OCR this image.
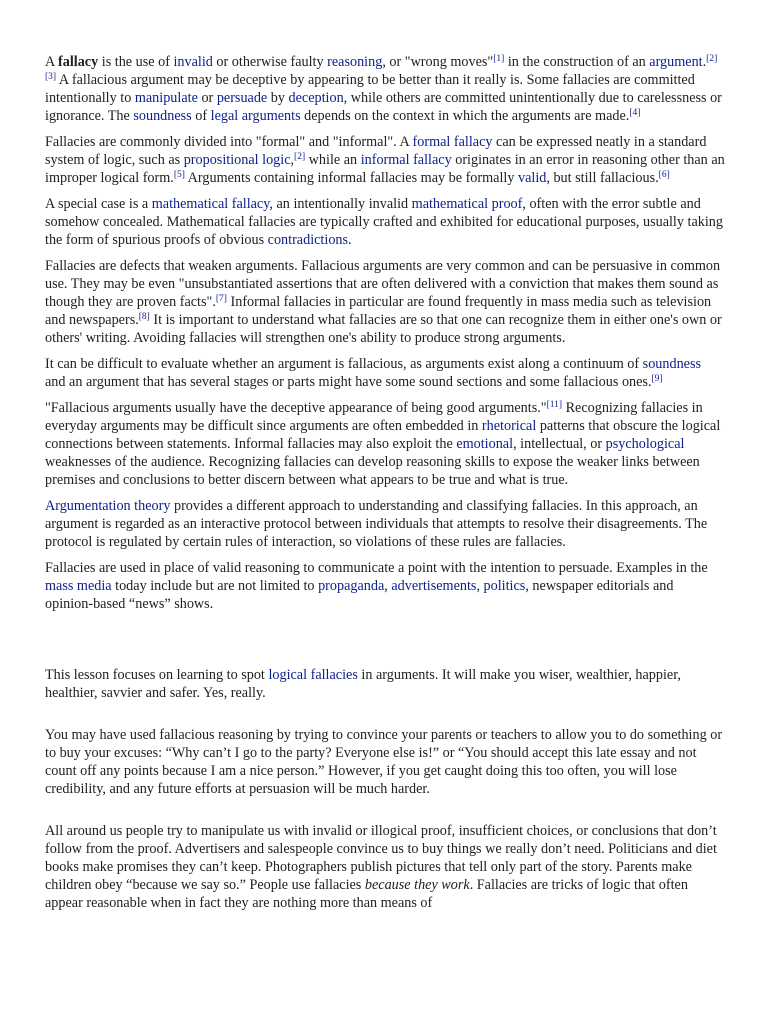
A fallacy is the use of invalid or otherwise faulty reasoning, or "wrong moves"[1] in the construction of an argument.[2][3] A fallacious argument may be deceptive by appearing to be better than it really is. Some fallacies are committed intentionally to manipulate or persuade by deception, while others are committed unintentionally due to carelessness or ignorance. The soundness of legal arguments depends on the context in which the arguments are made.[4]

Fallacies are commonly divided into "formal" and "informal". A formal fallacy can be expressed neatly in a standard system of logic, such as propositional logic,[2] while an informal fallacy originates in an error in reasoning other than an improper logical form.[5] Arguments containing informal fallacies may be formally valid, but still fallacious.[6]

A special case is a mathematical fallacy, an intentionally invalid mathematical proof, often with the error subtle and somehow concealed. Mathematical fallacies are typically crafted and exhibited for educational purposes, usually taking the form of spurious proofs of obvious contradictions.

Fallacies are defects that weaken arguments. Fallacious arguments are very common and can be persuasive in common use. They may be even "unsubstantiated assertions that are often delivered with a conviction that makes them sound as though they are proven facts".[7] Informal fallacies in particular are found frequently in mass media such as television and newspapers.[8] It is important to understand what fallacies are so that one can recognize them in either one's own or others' writing. Avoiding fallacies will strengthen one's ability to produce strong arguments.

It can be difficult to evaluate whether an argument is fallacious, as arguments exist along a continuum of soundness and an argument that has several stages or parts might have some sound sections and some fallacious ones.[9]

"Fallacious arguments usually have the deceptive appearance of being good arguments."[11] Recognizing fallacies in everyday arguments may be difficult since arguments are often embedded in rhetorical patterns that obscure the logical connections between statements. Informal fallacies may also exploit the emotional, intellectual, or psychological weaknesses of the audience. Recognizing fallacies can develop reasoning skills to expose the weaker links between premises and conclusions to better discern between what appears to be true and what is true.

Argumentation theory provides a different approach to understanding and classifying fallacies. In this approach, an argument is regarded as an interactive protocol between individuals that attempts to resolve their disagreements. The protocol is regulated by certain rules of interaction, so violations of these rules are fallacies.

Fallacies are used in place of valid reasoning to communicate a point with the intention to persuade. Examples in the mass media today include but are not limited to propaganda, advertisements, politics, newspaper editorials and opinion-based “news” shows.

This lesson focuses on learning to spot logical fallacies in arguments. It will make you wiser, wealthier, happier, healthier, savvier and safer. Yes, really.

You may have used fallacious reasoning by trying to convince your parents or teachers to allow you to do something or to buy your excuses: “Why can’t I go to the party? Everyone else is!” or “You should accept this late essay and not count off any points because I am a nice person.” However, if you get caught doing this too often, you will lose credibility, and any future efforts at persuasion will be much harder.

All around us people try to manipulate us with invalid or illogical proof, insufficient choices, or conclusions that don’t follow from the proof. Advertisers and salespeople convince us to buy things we really don’t need. Politicians and diet books make promises they can’t keep. Photographers publish pictures that tell only part of the story. Parents make children obey “because we say so.” People use fallacies because they work. Fallacies are tricks of logic that often appear reasonable when in fact they are nothing more than means of
